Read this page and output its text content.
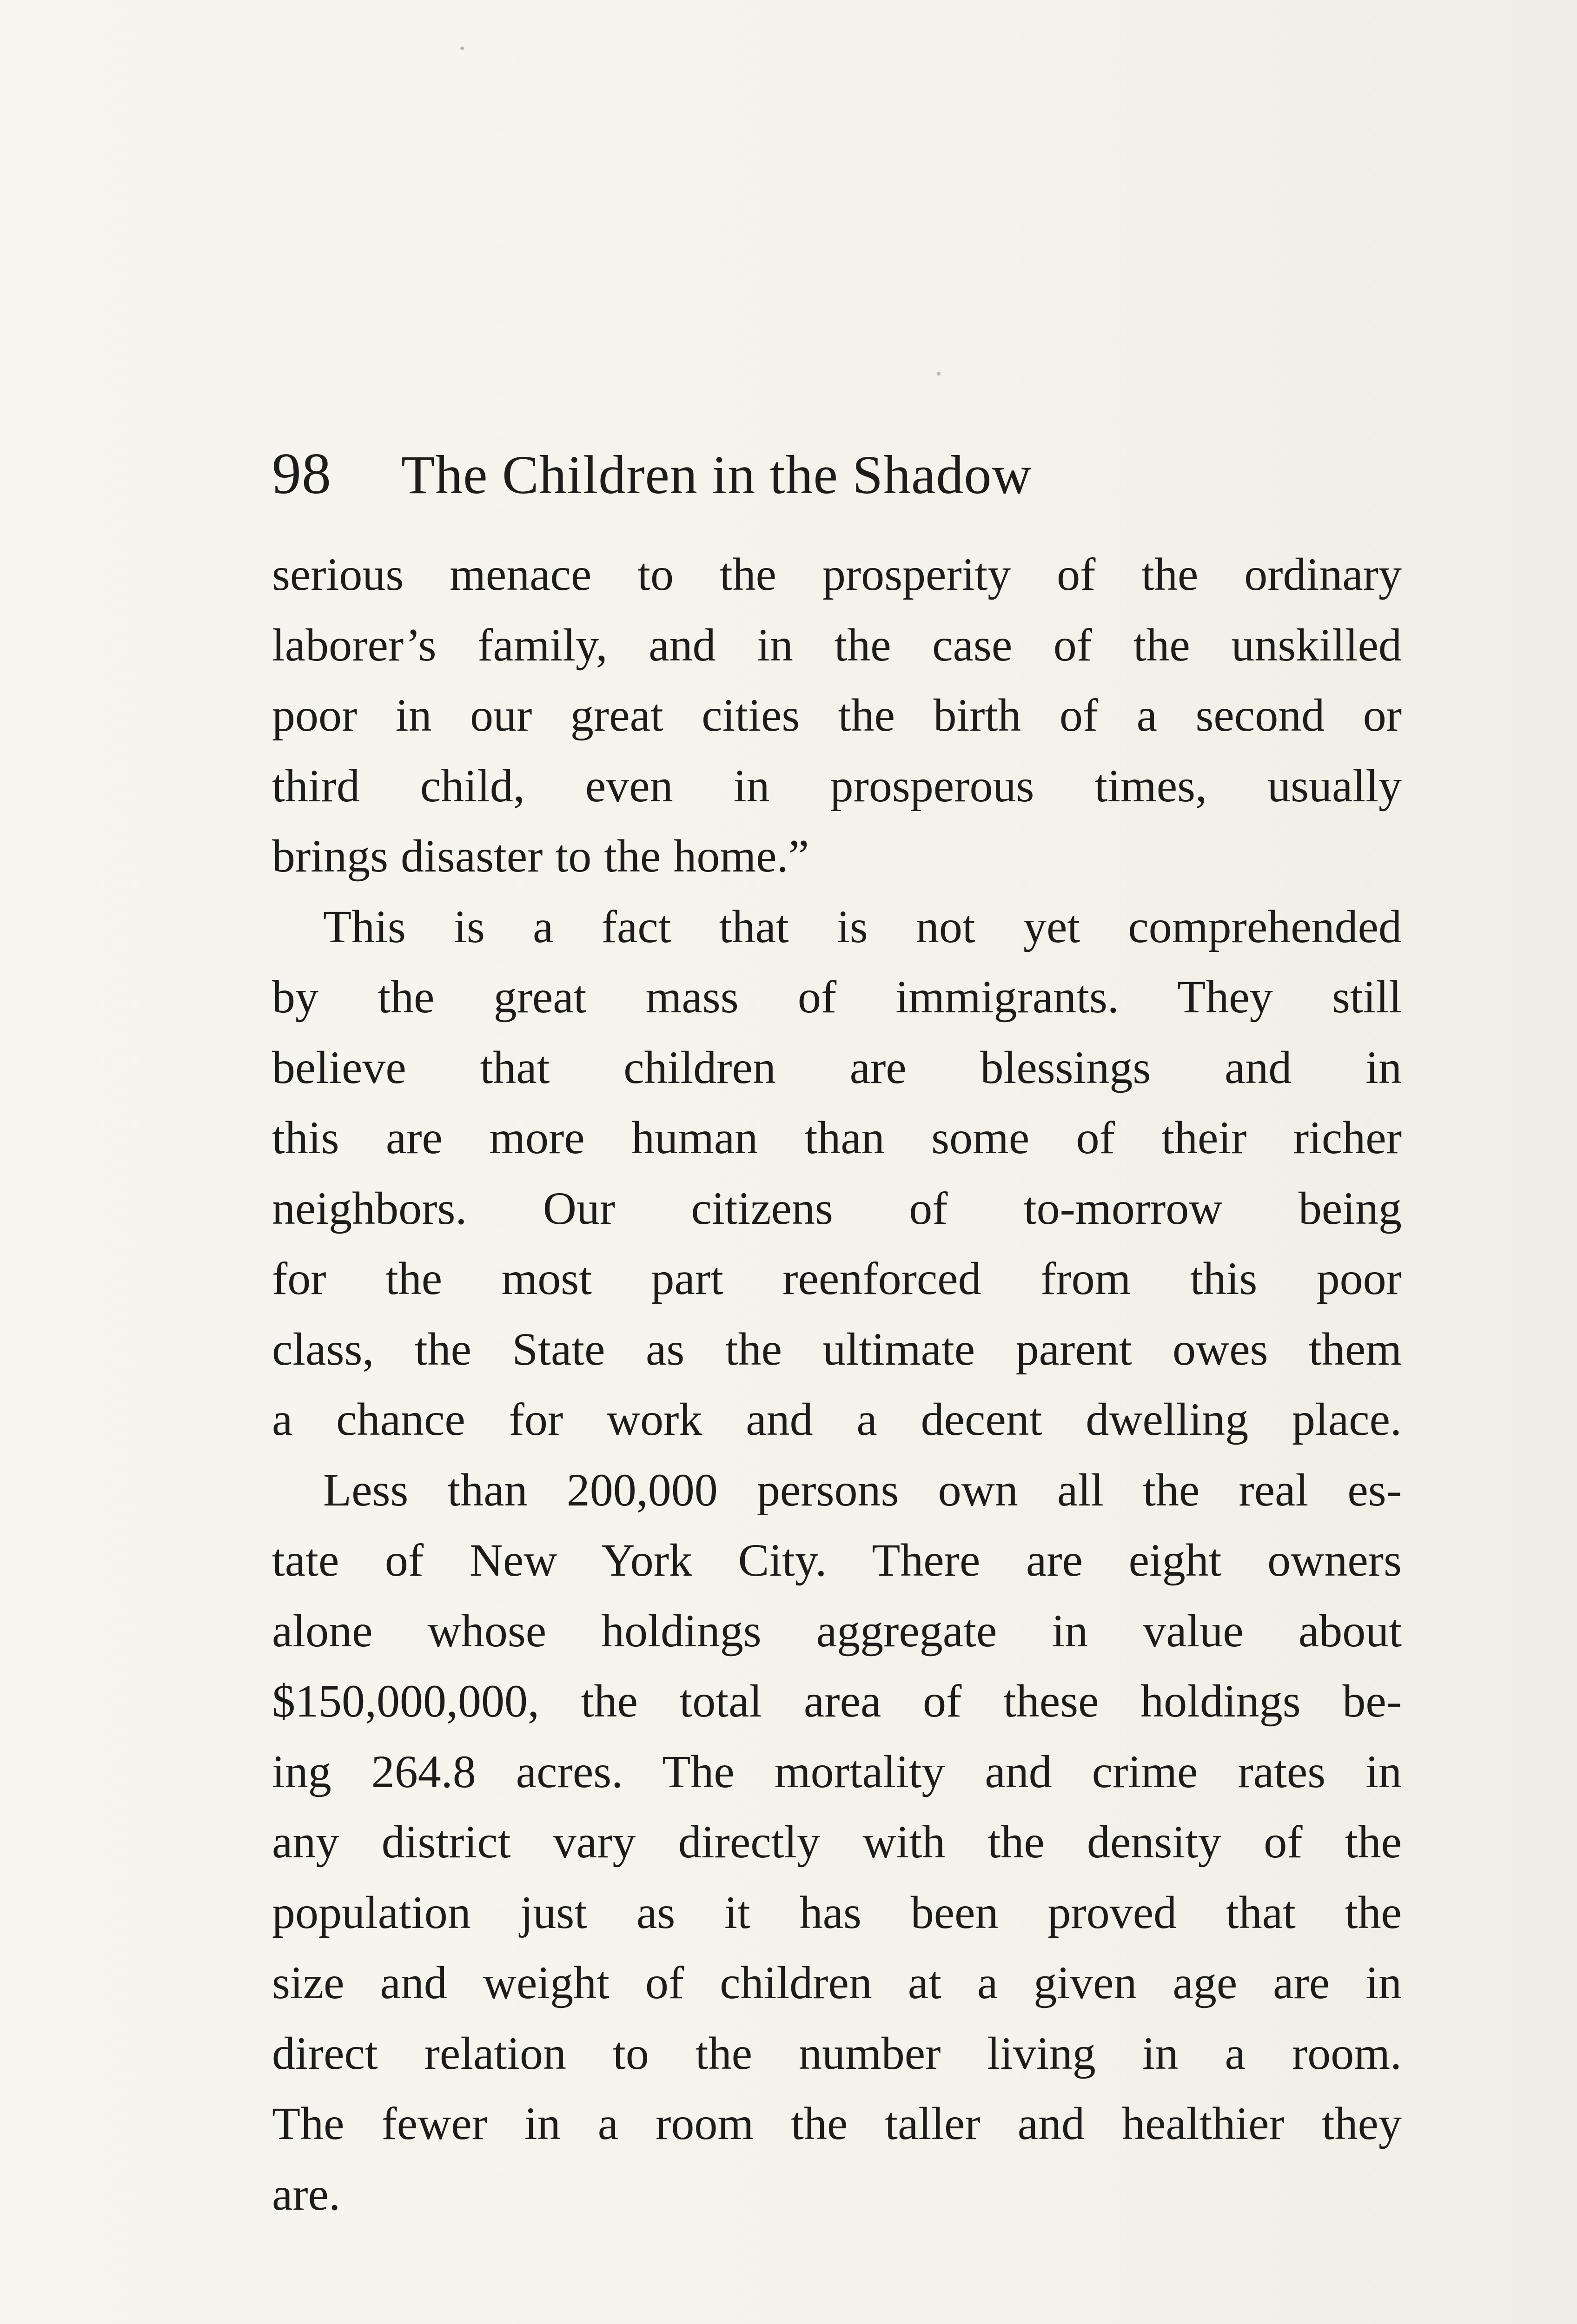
98 The Children in the Shadow
serious menace to the prosperity of the ordinary
laborer’s family, and in the case of the unskilled
poor in our great cities the birth of a second or
third child, even in prosperous times, usually
brings disaster to the home.”
This is a fact that is not yet comprehended
by the great mass of immigrants. They still
believe that children are blessings and in
this are more human than some of their richer
neighbors. Our citizens of to-morrow being
for the most part reenforced from this poor
class, the State as the ultimate parent owes them
a chance for work and a decent dwelling place.
Less than 200,000 persons own all the real es-
tate of New York City. There are eight owners
alone whose holdings aggregate in value about
$150,000,000, the total area of these holdings be-
ing 264.8 acres. The mortality and crime rates in
any district vary directly with the density of the
population just as it has been proved that the
size and weight of children at a given age are in
direct relation to the number living in a room.
The fewer in a room the taller and healthier they
are.
